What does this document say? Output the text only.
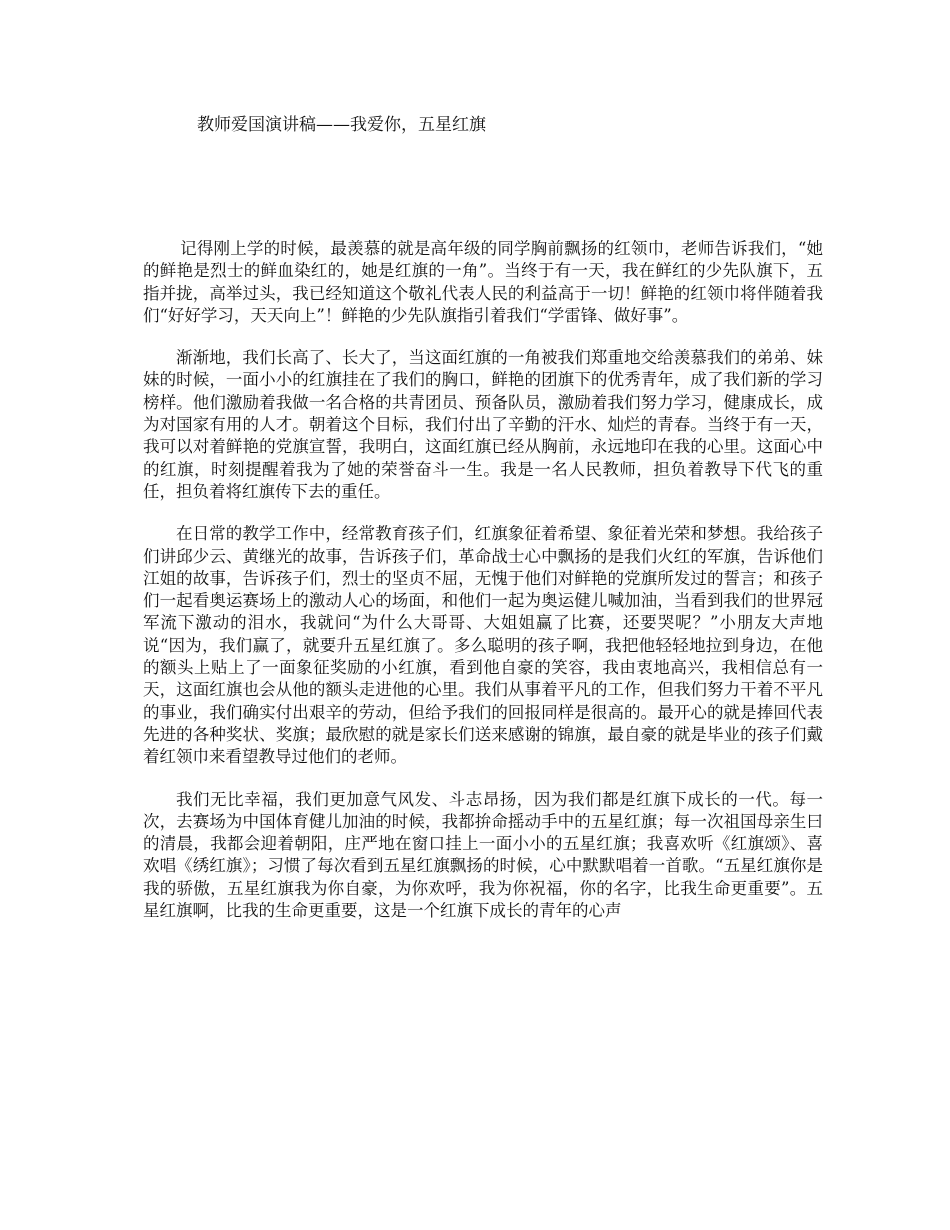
教师爱国演讲稿——我爱你，五星红旗

记得刚上学的时候，最羡慕的就是高年级的同学胸前飘扬的红领巾，老师告诉我们，“她的鲜艳是烈士的鲜血染红的，她是红旗的一角”。当终于有一天，我在鲜红的少先队旗下，五指并拢，高举过头，我已经知道这个敬礼代表人民的利益高于一切！鲜艳的红领巾将伴随着我们“好好学习，天天向上”！鲜艳的少先队旗指引着我们“学雷锋、做好事”。

渐渐地，我们长高了、长大了，当这面红旗的一角被我们郑重地交给羡慕我们的弟弟、妹妹的时候，一面小小的红旗挂在了我们的胸口，鲜艳的团旗下的优秀青年，成了我们新的学习榜样。他们激励着我做一名合格的共青团员、预备队员，激励着我们努力学习，健康成长，成为对国家有用的人才。朝着这个目标，我们付出了辛勤的汗水、灿烂的青春。当终于有一天，我可以对着鲜艳的党旗宣誓，我明白，这面红旗已经从胸前，永远地印在我的心里。这面心中的红旗，时刻提醒着我为了她的荣誉奋斗一生。我是一名人民教师，担负着教导下代飞的重任，担负着将红旗传下去的重任。

在日常的教学工作中，经常教育孩子们，红旗象征着希望、象征着光荣和梦想。我给孩子们讲邱少云、黄继光的故事，告诉孩子们，革命战士心中飘扬的是我们火红的军旗，告诉他们江姐的故事，告诉孩子们，烈士的坚贞不屈，无愧于他们对鲜艳的党旗所发过的誓言；和孩子们一起看奥运赛场上的激动人心的场面，和他们一起为奥运健儿喊加油，当看到我们的世界冠军流下激动的泪水，我就问“为什么大哥哥、大姐姐赢了比赛，还要哭呢？”小朋友大声地说“因为，我们赢了，就要升五星红旗了。多么聪明的孩子啊，我把他轻轻地拉到身边，在他的额头上贴上了一面象征奖励的小红旗，看到他自豪的笑容，我由衷地高兴，我相信总有一天，这面红旗也会从他的额头走进他的心里。我们从事着平凡的工作，但我们努力干着不平凡的事业，我们确实付出艰辛的劳动，但给予我们的回报同样是很高的。最开心的就是捧回代表先进的各种奖状、奖旗；最欣慰的就是家长们送来感谢的锦旗，最自豪的就是毕业的孩子们戴着红领巾来看望教导过他们的老师。

我们无比幸福，我们更加意气风发、斗志昂扬，因为我们都是红旗下成长的一代。每一次，去赛场为中国体育健儿加油的时候，我都拚命摇动手中的五星红旗；每一次祖国母亲生曰的清晨，我都会迎着朝阳，庄严地在窗口挂上一面小小的五星红旗；我喜欢听《红旗颂》、喜欢唱《绣红旗》；习惯了每次看到五星红旗飘扬的时候，心中默默唱着一首歌。“五星红旗你是我的骄傲，五星红旗我为你自豪，为你欢呼，我为你祝福，你的名字，比我生命更重要”。五星红旗啊，比我的生命更重要，这是一个红旗下成长的青年的心声
